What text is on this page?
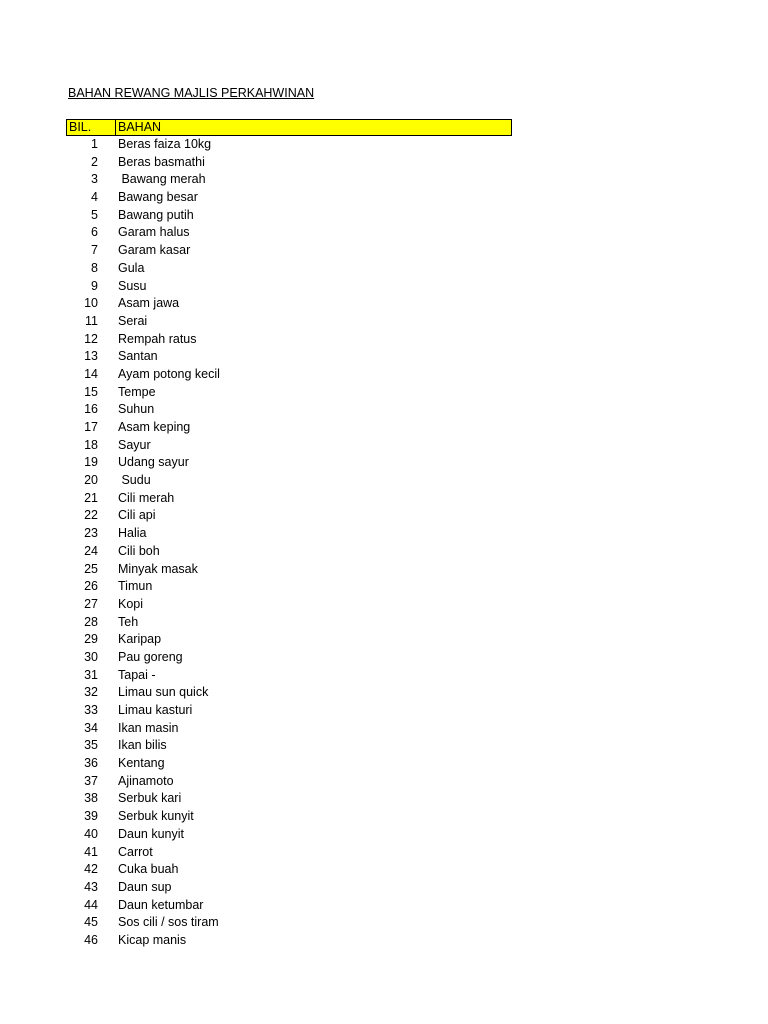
BAHAN REWANG MAJLIS PERKAHWINAN
BIL.	BAHAN
1 Beras faiza 10kg
2 Beras basmathi
3 Bawang merah
4 Bawang besar
5 Bawang putih
6 Garam halus
7 Garam kasar
8 Gula
9 Susu
10 Asam jawa
11 Serai
12 Rempah ratus
13 Santan
14 Ayam potong kecil
15 Tempe
16 Suhun
17 Asam keping
18 Sayur
19 Udang sayur
20 Sudu
21 Cili merah
22 Cili api
23 Halia
24 Cili boh
25 Minyak masak
26 Timun
27 Kopi
28 Teh
29 Karipap
30 Pau goreng
31 Tapai -
32 Limau sun quick
33 Limau kasturi
34 Ikan masin
35 Ikan bilis
36 Kentang
37 Ajinamoto
38 Serbuk kari
39 Serbuk kunyit
40 Daun kunyit
41 Carrot
42 Cuka buah
43 Daun sup
44 Daun ketumbar
45 Sos cili / sos tiram
46 Kicap manis
